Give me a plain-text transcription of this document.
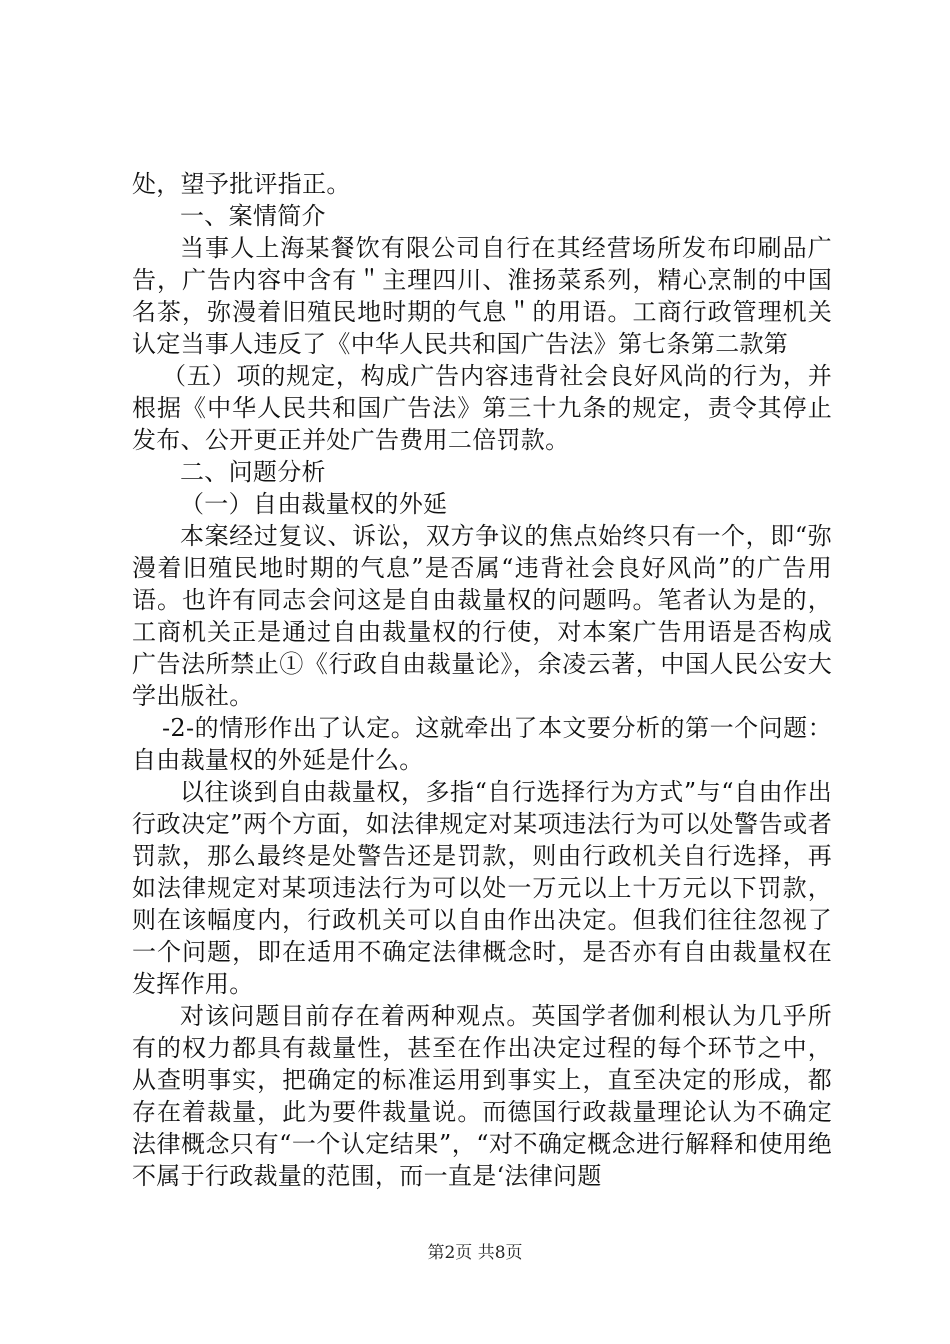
处，望予批评指正。

一、案情简介

当事人上海某餐饮有限公司自行在其经营场所发布印刷品广告，广告内容中含有＂主理四川、淮扬菜系列，精心烹制的中国名茶，弥漫着旧殖民地时期的气息＂的用语。工商行政管理机关认定当事人违反了《中华人民共和国广告法》第七条第二款第

（五）项的规定，构成广告内容违背社会良好风尚的行为，并根据《中华人民共和国广告法》第三十九条的规定，责令其停止发布、公开更正并处广告费用二倍罚款。

二、问题分析

（一）自由裁量权的外延

本案经过复议、诉讼，双方争议的焦点始终只有一个，即“弥漫着旧殖民地时期的气息”是否属“违背社会良好风尚”的广告用语。也许有同志会问这是自由裁量权的问题吗。笔者认为是的，工商机关正是通过自由裁量权的行使，对本案广告用语是否构成广告法所禁止①《行政自由裁量论》，余凌云著，中国人民公安大学出版社。

-2-的情形作出了认定。这就牵出了本文要分析的第一个问题：自由裁量权的外延是什么。

以往谈到自由裁量权，多指“自行选择行为方式”与“自由作出行政决定”两个方面，如法律规定对某项违法行为可以处警告或者罚款，那么最终是处警告还是罚款，则由行政机关自行选择，再如法律规定对某项违法行为可以处一万元以上十万元以下罚款，则在该幅度内，行政机关可以自由作出决定。但我们往往忽视了一个问题，即在适用不确定法律概念时，是否亦有自由裁量权在发挥作用。

对该问题目前存在着两种观点。英国学者伽利根认为几乎所有的权力都具有裁量性，甚至在作出决定过程的每个环节之中，从查明事实，把确定的标准运用到事实上，直至决定的形成，都存在着裁量，此为要件裁量说。而德国行政裁量理论认为不确定法律概念只有“一个认定结果”，“对不确定概念进行解释和使用绝不属于行政裁量的范围，而一直是‘法律问题

第2页 共8页
